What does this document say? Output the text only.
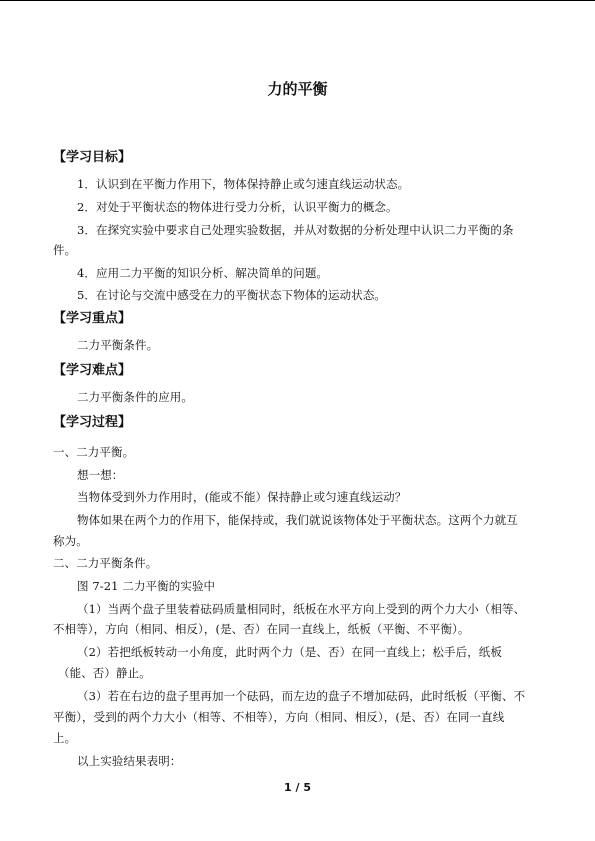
力的平衡
【学习目标】
1．认识到在平衡力作用下，物体保持静止或匀速直线运动状态。
2．对处于平衡状态的物体进行受力分析，认识平衡力的概念。
3．在探究实验中要求自己处理实验数据，并从对数据的分析处理中认识二力平衡的条
件。
4．应用二力平衡的知识分析、解决简单的问题。
5．在讨论与交流中感受在力的平衡状态下物体的运动状态。
【学习重点】
二力平衡条件。
【学习难点】
二力平衡条件的应用。
【学习过程】
一、二力平衡。
想一想：
当物体受到外力作用时，(能或不能）保持静止或匀速直线运动？
物体如果在两个力的作用下，能保持或，我们就说该物体处于平衡状态。这两个力就互
称为。
二、二力平衡条件。
图 7-21 二力平衡的实验中
（1）当两个盘子里装着砝码质量相同时，纸板在水平方向上受到的两个力大小（相等、
不相等），方向（相同、相反），(是、否）在同一直线上，纸板（平衡、不平衡）。
（2）若把纸板转动一小角度，此时两个力（是、否）在同一直线上；松手后，纸板
（能、否）静止。
（3）若在右边的盘子里再加一个砝码，而左边的盘子不增加砝码，此时纸板（平衡、不
平衡），受到的两个力大小（相等、不相等），方向（相同、相反），(是、否）在同一直线
上。
以上实验结果表明：
1 / 5
